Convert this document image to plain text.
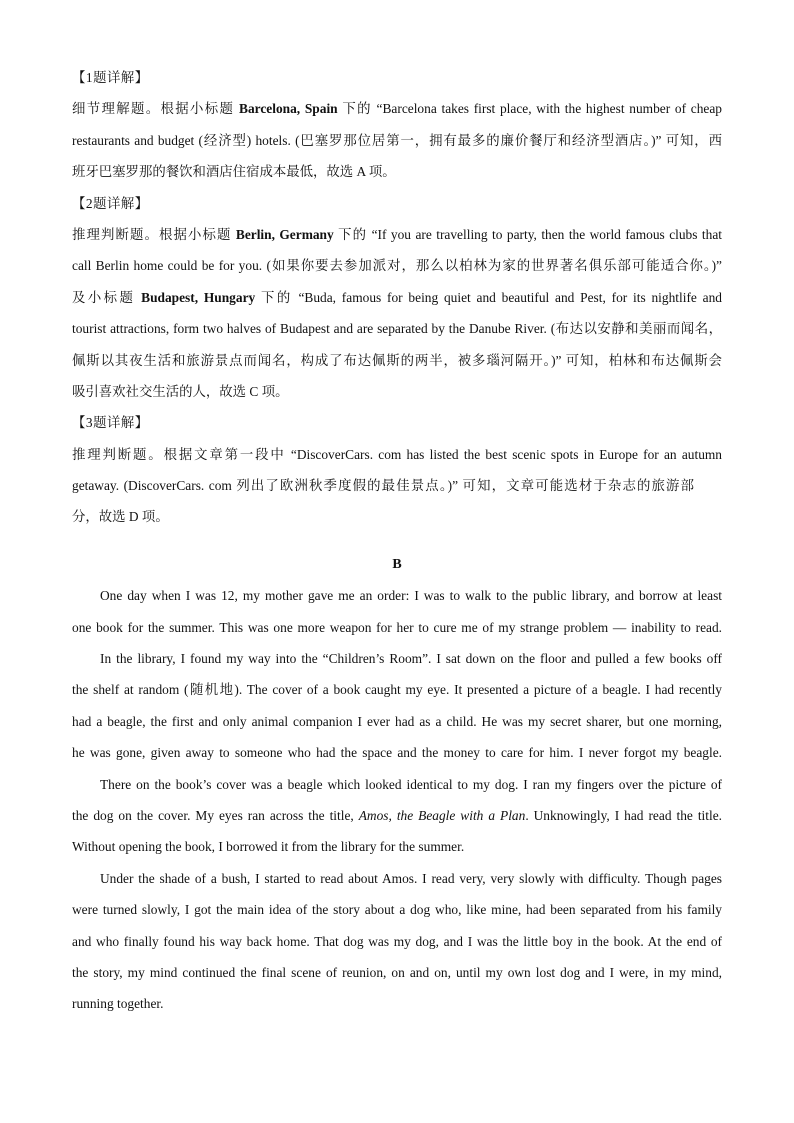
【1题详解】
细节理解题。根据小标题 Barcelona, Spain 下的 “Barcelona takes first place, with the highest number of cheap
restaurants and budget (经济型) hotels. (巴塞罗那位居第一，拥有最多的廉价餐厅和经济型酒店。)” 可知，西
班牙巴塞罗那的餐饮和酒店住宿成本最低，故选 A 项。
【2题详解】
推理判断题。根据小标题 Berlin, Germany 下的 “If you are travelling to party, then the world famous clubs that
call Berlin home could be for you. (如果你要去参加派对，那么以柏林为家的世界著名俱乐部可能适合你。)”
及小标题 Budapest, Hungary 下的 “Buda, famous for being quiet and beautiful and Pest, for its nightlife and
tourist attractions, form two halves of Budapest and are separated by the Danube River. (布达以安静和美丽而闻名，
佩斯以其夜生活和旅游景点而闻名，构成了布达佩斯的两半，被多瑙河隔开。)” 可知，柏林和布达佩斯会
吸引喜欢社交生活的人，故选 C 项。
【3题详解】
推理判断题。根据文章第一段中 “DiscoverCars. com has listed the best scenic spots in Europe for an autumn
getaway. (DiscoverCars. com 列出了欧洲秋季度假的最佳景点。)” 可知，文章可能选材于杂志的旅游部
分，故选 D 项。
B
One day when I was 12, my mother gave me an order: I was to walk to the public library, and borrow at least
one book for the summer. This was one more weapon for her to cure me of my strange problem — inability to read.
In the library, I found my way into the “Children’s Room”. I sat down on the floor and pulled a few books off
the shelf at random (随机地). The cover of a book caught my eye. It presented a picture of a beagle. I had recently
had a beagle, the first and only animal companion I ever had as a child. He was my secret sharer, but one morning,
he was gone, given away to someone who had the space and the money to care for him. I never forgot my beagle.
There on the book’s cover was a beagle which looked identical to my dog. I ran my fingers over the picture of
the dog on the cover. My eyes ran across the title, Amos, the Beagle with a Plan. Unknowingly, I had read the title.
Without opening the book, I borrowed it from the library for the summer.
Under the shade of a bush, I started to read about Amos. I read very, very slowly with difficulty. Though pages
were turned slowly, I got the main idea of the story about a dog who, like mine, had been separated from his family
and who finally found his way back home. That dog was my dog, and I was the little boy in the book. At the end of
the story, my mind continued the final scene of reunion, on and on, until my own lost dog and I were, in my mind,
running together.
